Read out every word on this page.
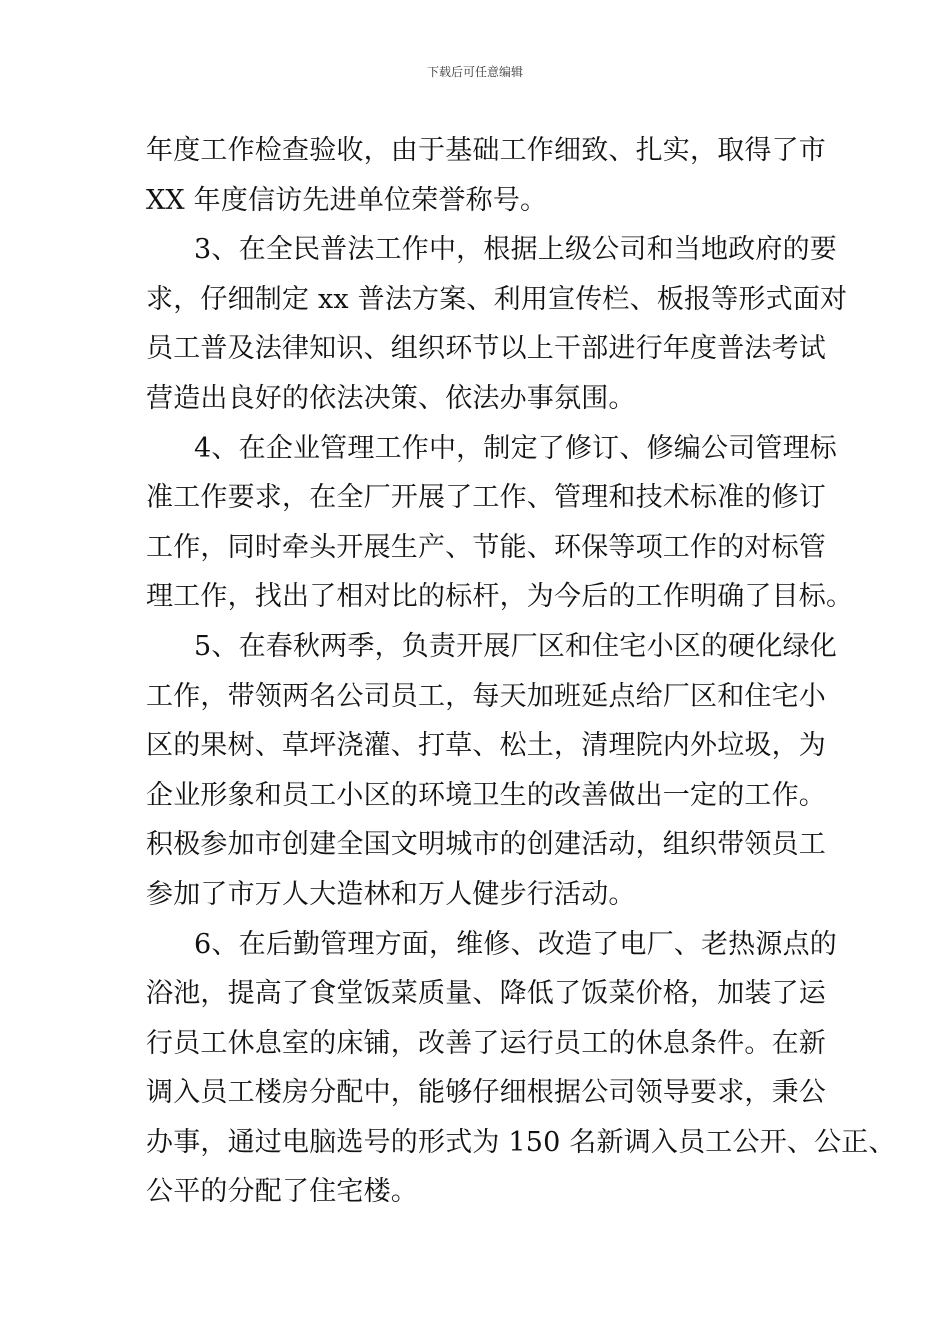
下载后可任意编辑
年度工作检查验收，由于基础工作细致、扎实，取得了市
XX 年度信访先进单位荣誉称号。
3、在全民普法工作中，根据上级公司和当地政府的要
求，仔细制定 xx 普法方案、利用宣传栏、板报等形式面对
员工普及法律知识、组织环节以上干部进行年度普法考试
营造出良好的依法决策、依法办事氛围。
4、在企业管理工作中，制定了修订、修编公司管理标
准工作要求，在全厂开展了工作、管理和技术标准的修订
工作，同时牵头开展生产、节能、环保等项工作的对标管
理工作，找出了相对比的标杆，为今后的工作明确了目标。
5、在春秋两季，负责开展厂区和住宅小区的硬化绿化
工作，带领两名公司员工，每天加班延点给厂区和住宅小
区的果树、草坪浇灌、打草、松土，清理院内外垃圾，为
企业形象和员工小区的环境卫生的改善做出一定的工作。
积极参加市创建全国文明城市的创建活动，组织带领员工
参加了市万人大造林和万人健步行活动。
6、在后勤管理方面，维修、改造了电厂、老热源点的
浴池，提高了食堂饭菜质量、降低了饭菜价格，加装了运
行员工休息室的床铺，改善了运行员工的休息条件。在新
调入员工楼房分配中，能够仔细根据公司领导要求，秉公
办事，通过电脑选号的形式为 150 名新调入员工公开、公正、
公平的分配了住宅楼。
